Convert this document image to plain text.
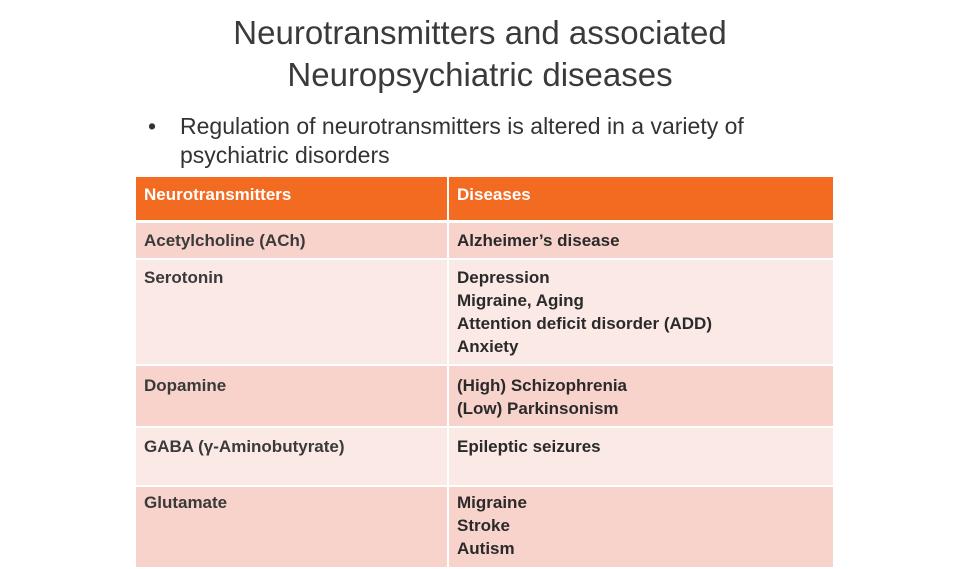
Neurotransmitters and associated
Neuropsychiatric diseases
•	Regulation of neurotransmitters is altered in a variety of psychiatric disorders
Neurotransmitters	Diseases
Acetylcholine (ACh)	Alzheimer’s disease

Serotonin	Depression
Migraine, Aging
Attention deficit disorder (ADD)
Anxiety

Dopamine	(High) Schizophrenia
(Low) Parkinsonism

GABA (γ-Aminobutyrate)	Epileptic seizures

Glutamate	Migraine
Stroke
Autism
